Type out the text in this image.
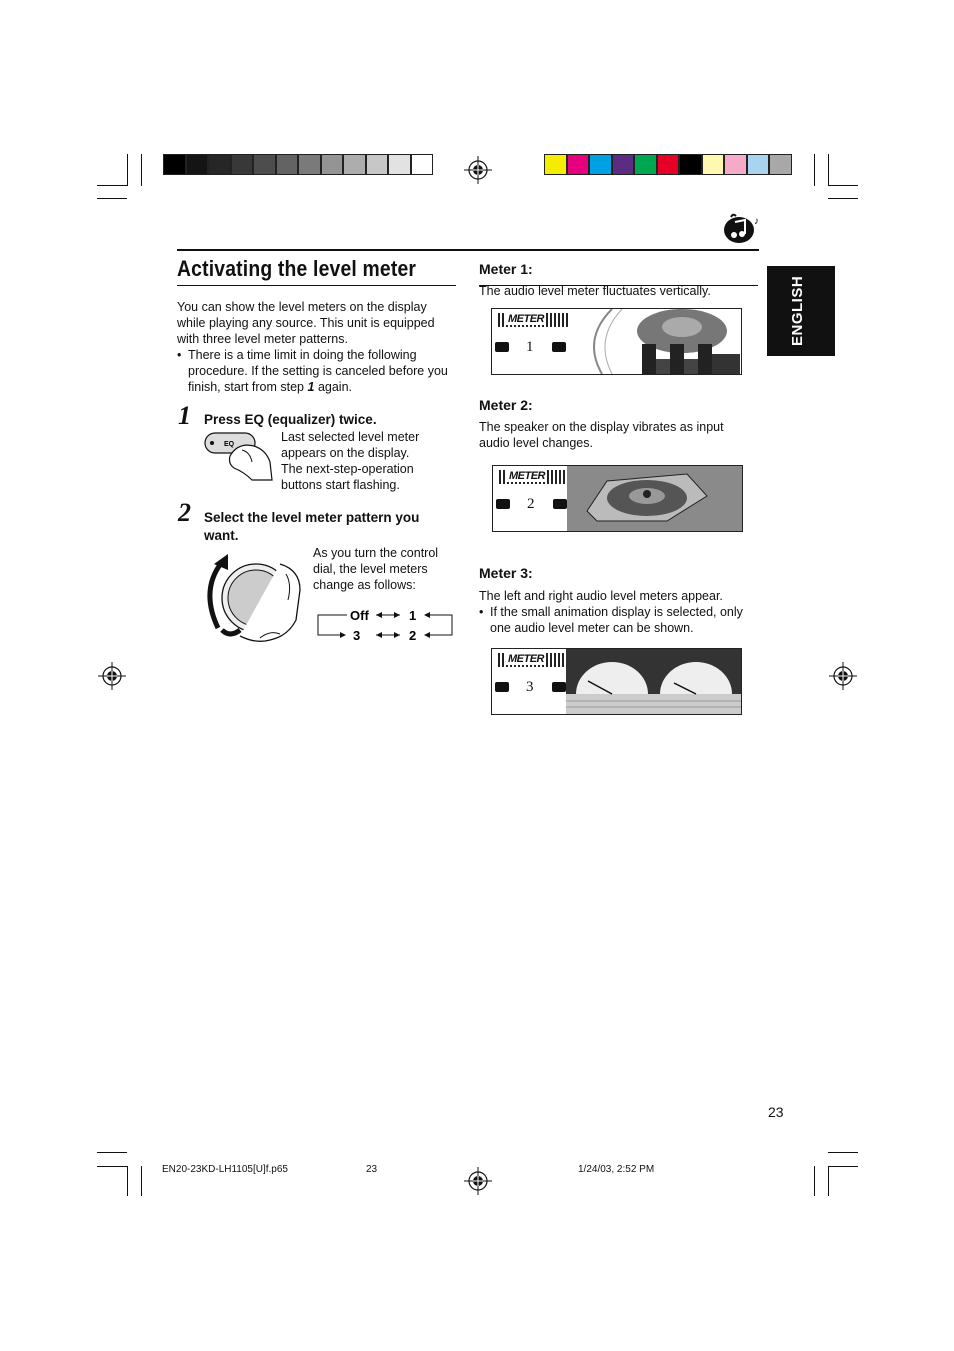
♪
ENGLISH
Activating the level meter
You can show the level meters on the display while playing any source. This unit is equipped with three level meter patterns.
• There is a time limit in doing the following procedure. If the setting is canceled before you finish, start from step 1 again.
1 Press EQ (equalizer) twice.
EQ
Last selected level meter appears on the display. The next-step-operation buttons start flashing.
2 Select the level meter pattern you want.
As you turn the control dial, the level meters change as follows:
Off	1
3	2
Meter 1:
The audio level meter fluctuates vertically.
METER
1
Meter 2:
The speaker on the display vibrates as input audio level changes.
METER
2
Meter 3:
The left and right audio level meters appear.
• If the small animation display is selected, only one audio level meter can be shown.
METER
3
23
EN20-23KD-LH1105[U]f.p65	23	1/24/03, 2:52 PM
